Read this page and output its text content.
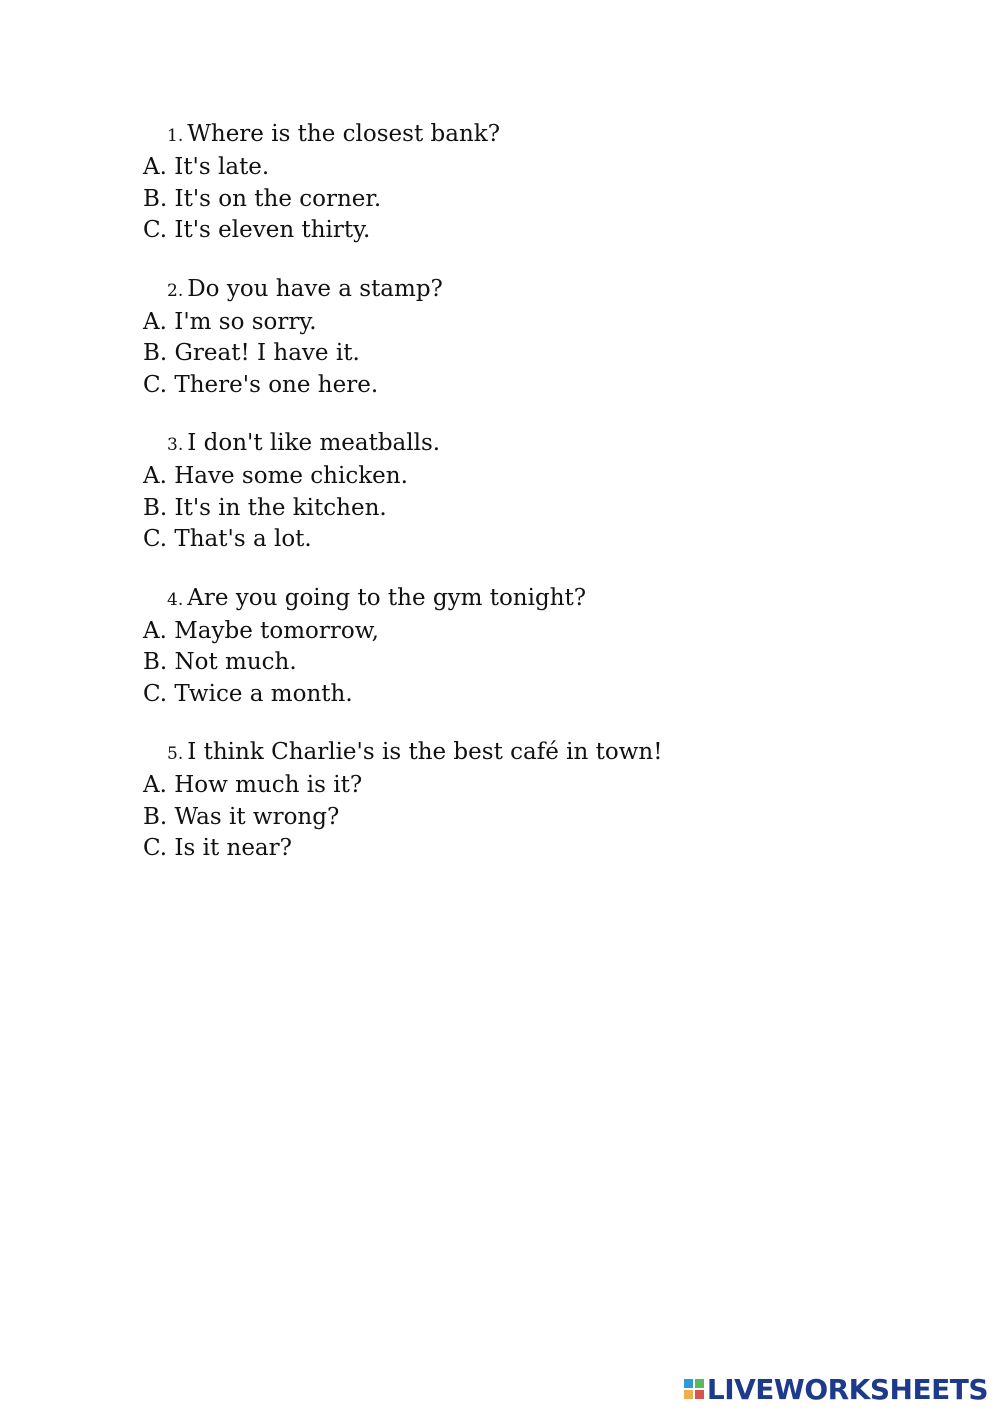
1. Where is the closest bank?
A. It's late.
B. It's on the corner.
C. It's eleven thirty.
2. Do you have a stamp?
A. I'm so sorry.
B. Great! I have it.
C. There's one here.
3. I don't like meatballs.
A. Have some chicken.
B. It's in the kitchen.
C. That's a lot.
4. Are you going to the gym tonight?
A. Maybe tomorrow,
B. Not much.
C. Twice a month.
5. I think Charlie's is the best café in town!
A. How much is it?
B. Was it wrong?
C. Is it near?
LIVEWORKSHEETS
